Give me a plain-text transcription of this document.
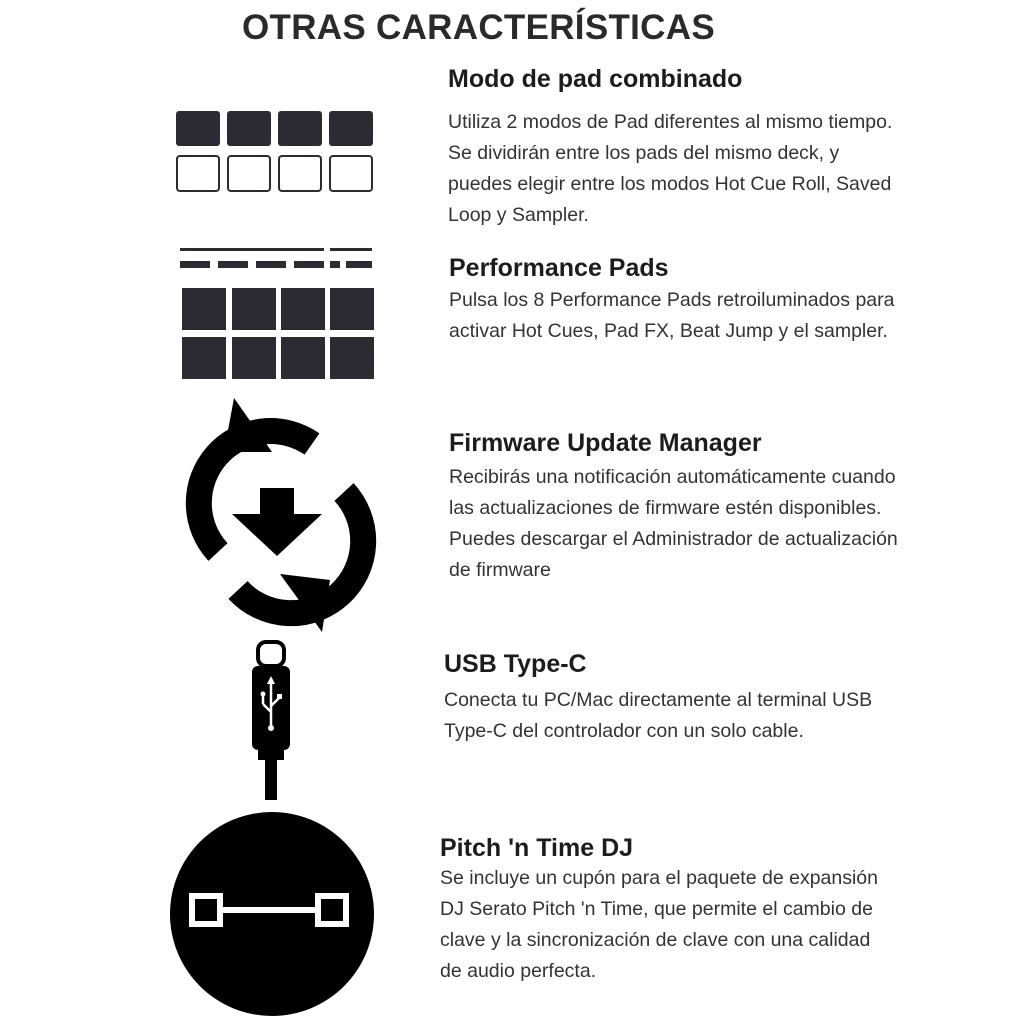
OTRAS CARACTERÍSTICAS
Modo de pad combinado

Utiliza 2 modos de Pad diferentes al mismo tiempo. Se dividirán entre los pads del mismo deck, y puedes elegir entre los modos Hot Cue Roll, Saved Loop y Sampler.

Performance Pads

Pulsa los 8 Performance Pads retroiluminados para activar Hot Cues, Pad FX, Beat Jump y el sampler.

Firmware Update Manager

Recibirás una notificación automáticamente cuando las actualizaciones de firmware estén disponibles. Puedes descargar el Administrador de actualización de firmware

USB Type-C

Conecta tu PC/Mac directamente al terminal USB Type-C del controlador con un solo cable.

Pitch 'n Time DJ

Se incluye un cupón para el paquete de expansión DJ Serato Pitch 'n Time, que permite el cambio de clave y la sincronización de clave con una calidad de audio perfecta.
